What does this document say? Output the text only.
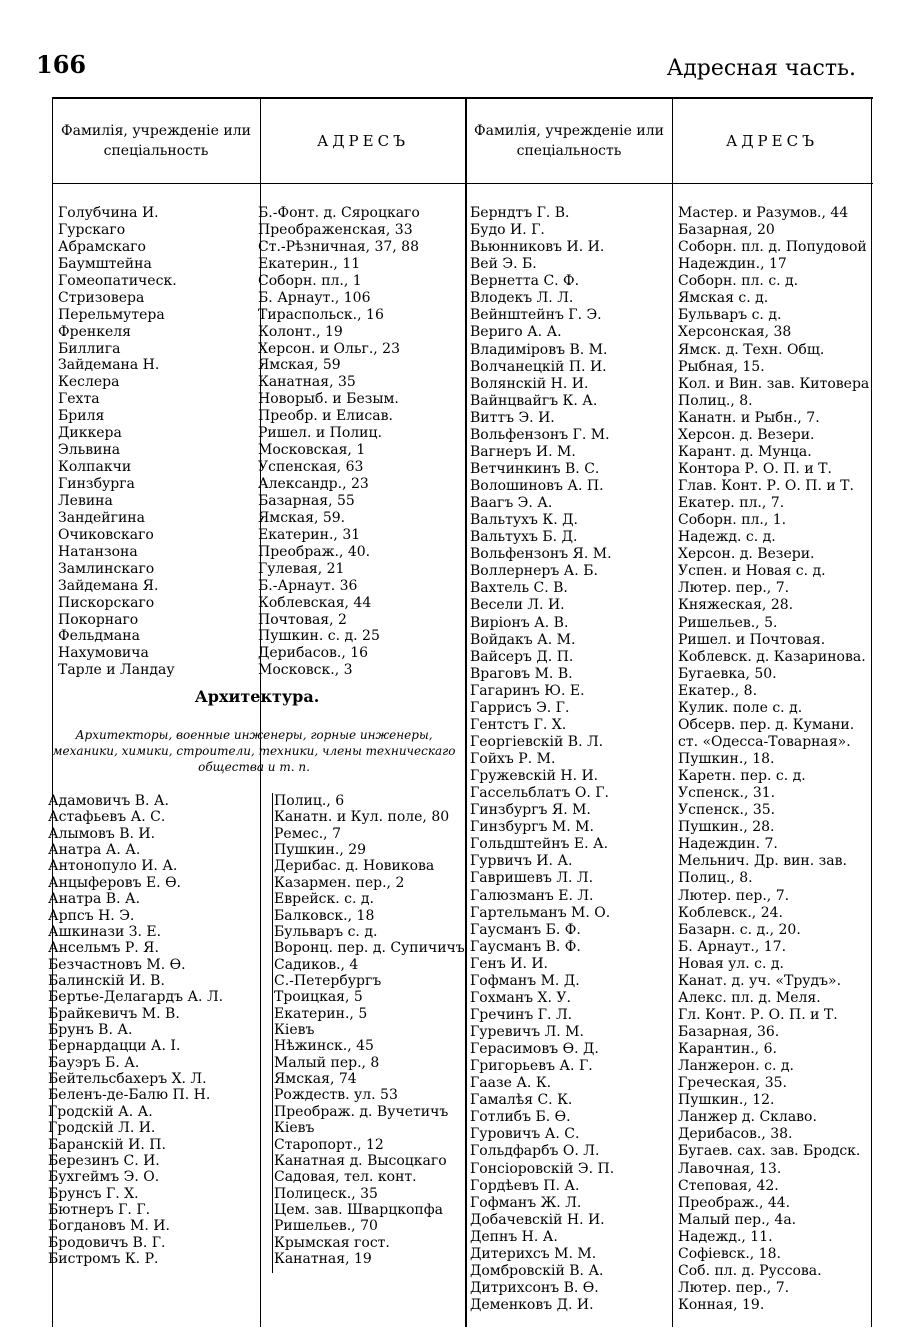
166	Адресная часть.
Фамилія, учрежденіе или спеціальность
АДРЕСЪ
Фамилія, учрежденіе или спеціальность
АДРЕСЪ
Голубчина И.
Гурскаго
Абрамскаго
Баумштейна
Гомеопатическ.
Стризовера
Перельмутера
Френкеля
Биллига
Зайдемана Н.
Кеслера
Гехта
Бриля
Диккера
Эльвина
Колпакчи
Гинзбурга
Левина
Зандейгина
Очиковскаго
Натанзона
Замлинскаго
Зайдемана Я.
Пискорскаго
Покорнаго
Фельдмана
Нахумовича
Тарле и Ландау
Б.-Фонт. д. Сяроцкаго
Преображенская, 33
Ст.-Рѣзничная, 37, 88
Екатерин., 11
Соборн. пл., 1
Б. Арнаут., 106
Тираспольск., 16
Колонт., 19
Херсон. и Ольг., 23
Ямская, 59
Канатная, 35
Новорыб. и Безым.
Преобр. и Елисав.
Ришел. и Полиц.
Московская, 1
Успенская, 63
Александр., 23
Базарная, 55
Ямская, 59.
Екатерин., 31
Преображ., 40.
Гулевая, 21
Б.-Арнаут. 36
Коблевская, 44
Почтовая, 2
Пушкин. с. д. 25
Дерибасов., 16
Московск., 3
Архитектура.
Архитекторы, военные инженеры, горные инженеры, механики, химики, строители, техники, члены техническаго общества и т. п.
Адамовичъ В. А.
Астафьевъ А. С.
Алымовъ В. И.
Анатра А. А.
Антонопуло И. А.
Анцыферовъ Е. Ѳ.
Анатра В. А.
Арпсъ Н. Э.
Ашкинази З. Е.
Ансельмъ Р. Я.
Безчастновъ М. Ѳ.
Балинскій И. В.
Бертье-Делагардъ А. Л.
Брайкевичъ М. В.
Брунъ В. А.
Бернардацци А. І.
Бауэръ Б. А.
Бейтельсбахеръ Х. Л.
Беленъ-де-Балю П. Н.
Гродскій А. А.
Гродскій Л. И.
Баранскій И. П.
Березинъ С. И.
Бухгеймъ Э. О.
Брунсъ Г. Х.
Бютнеръ Г. Г.
Богдановъ М. И.
Бродовичъ В. Г.
Бистромъ К. Р.
Полиц., 6
Канатн. и Кул. поле, 80
Ремес., 7
Пушкин., 29
Дерибас. д. Новикова
Казармен. пер., 2
Еврейск. с. д.
Балковск., 18
Бульваръ с. д.
Воронц. пер. д. Супичичъ
Садиков., 4
С.-Петербургъ
Троицкая, 5
Екатерин., 5
Кіевъ
Нѣжинск., 45
Малый пер., 8
Ямская, 74
Рождеств. ул. 53
Преображ. д. Вучетичъ
Кіевъ
Старопорт., 12
Канатная д. Высоцкаго
Садовая, тел. конт.
Полицеск., 35
Цем. зав. Шварцкопфа
Ришельев., 70
Крымская гост.
Канатная, 19
Берндтъ Г. В.
Будо И. Г.
Вьюнниковъ И. И.
Вей Э. Б.
Вернетта С. Ф.
Влодекъ Л. Л.
Вейнштейнъ Г. Э.
Вериго А. А.
Владиміровъ В. М.
Волчанецкій П. И.
Волянскій Н. И.
Вайнцвайгъ К. А.
Виттъ Э. И.
Вольфензонъ Г. М.
Вагнеръ И. М.
Ветчинкинъ В. С.
Волошиновъ А. П.
Ваагъ Э. А.
Вальтухъ К. Д.
Вальтухъ Б. Д.
Вольфензонъ Я. М.
Воллернеръ А. Б.
Вахтель С. В.
Весели Л. И.
Виріонъ А. В.
Войдакъ А. М.
Вайсеръ Д. П.
Враговъ М. В.
Гагаринъ Ю. Е.
Гаррисъ Э. Г.
Гентстъ Г. Х.
Георгіевскій В. Л.
Гойхъ Р. М.
Гружевскій Н. И.
Гассельблатъ О. Г.
Гинзбургъ Я. М.
Гинзбургъ М. М.
Гольдштейнъ Е. А.
Гурвичъ И. А.
Гавришевъ Л. Л.
Галюзманъ Е. Л.
Гартельманъ М. О.
Гаусманъ Б. Ф.
Гаусманъ В. Ф.
Генъ И. И.
Гофманъ М. Д.
Гохманъ Х. У.
Гречинъ Г. Л.
Гуревичъ Л. М.
Герасимовъ Ѳ. Д.
Григорьевъ А. Г.
Гаазе А. К.
Гамалѣя С. К.
Готлибъ Б. Ѳ.
Гуровичъ А. С.
Гольдфарбъ О. Л.
Гонсіоровскій Э. П.
Гордѣевъ П. А.
Гофманъ Ж. Л.
Добачевскій Н. И.
Депнъ Н. А.
Дитерихсъ М. М.
Домбровскій В. А.
Дитрихсонъ В. Ѳ.
Деменковъ Д. И.
Мастер. и Разумов., 44
Базарная, 20
Соборн. пл. д. Попудовой
Надеждин., 17
Соборн. пл. с. д.
Ямская с. д.
Бульваръ с. д.
Херсонская, 38
Ямск. д. Техн. Общ.
Рыбная, 15.
Кол. и Вин. зав. Китовера
Полиц., 8.
Канатн. и Рыбн., 7.
Херсон. д. Везери.
Карант. д. Мунца.
Контора Р. О. П. и Т.
Глав. Конт. Р. О. П. и Т.
Екатер. пл., 7.
Соборн. пл., 1.
Надежд. с. д.
Херсон. д. Везери.
Успен. и Новая с. д.
Лютер. пер., 7.
Княжеская, 28.
Ришельев., 5.
Ришел. и Почтовая.
Коблевск. д. Казаринова.
Бугаевка, 50.
Екатер., 8.
Кулик. поле с. д.
Обсерв. пер. д. Кумани.
ст. «Одесса-Товарная».
Пушкин., 18.
Каретн. пер. с. д.
Успенск., 31.
Успенск., 35.
Пушкин., 28.
Надеждин. 7.
Мельнич. Др. вин. зав.
Полиц., 8.
Лютер. пер., 7.
Коблевск., 24.
Базарн. с. д., 20.
Б. Арнаут., 17.
Новая ул. с. д.
Канат. д. уч. «Трудъ».
Алекс. пл. д. Меля.
Гл. Конт. Р. О. П. и Т.
Базарная, 36.
Карантин., 6.
Ланжерон. с. д.
Греческая, 35.
Пушкин., 12.
Ланжер д. Склаво.
Дерибасов., 38.
Бугаев. сах. зав. Бродск.
Лавочная, 13.
Степовая, 42.
Преображ., 44.
Малый пер., 4а.
Надежд., 11.
Софіевск., 18.
Соб. пл. д. Руссова.
Лютер. пер., 7.
Конная, 19.
